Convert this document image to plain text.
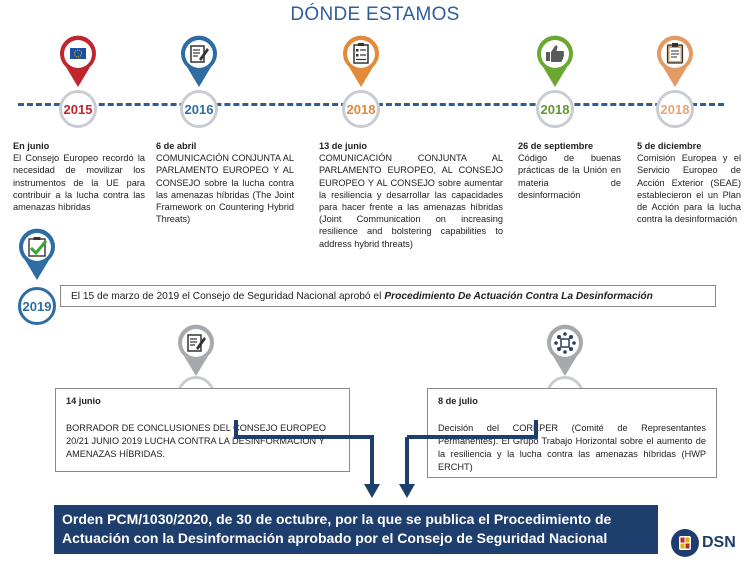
DÓNDE ESTAMOS
2015	2016	2018	2018	2018
En junio
El Consejo Europeo recordó la necesidad de movilizar los instrumentos de la UE para contribuir a la lucha contra las amenazas híbridas
6 de abril
COMUNICACIÓN CONJUNTA AL PARLAMENTO EUROPEO Y AL CONSEJO sobre la lucha contra las amenazas híbridas (The Joint Framework on Countering Hybrid Threats)
13 de junio
COMUNICACIÓN CONJUNTA AL PARLAMENTO EUROPEO, AL CONSEJO EUROPEO Y AL CONSEJO sobre aumentar la resiliencia y desarrollar las capacidades para hacer frente a las amenazas híbridas (Joint Communication on increasing resilience and bolstering capabilities to address hybrid threats)
26 de septiembre
Código de buenas prácticas de la Unión en materia de desinformación
5 de diciembre
Comisión Europea y el Servicio Europeo de Acción Exterior (SEAE) establecieron el un Plan de Acción para la lucha contra la desinformación
2019
El 15 de marzo de 2019 el Consejo de Seguridad Nacional aprobó el Procedimiento De Actuación Contra La Desinformación
14 junio
BORRADOR DE CONCLUSIONES DEL CONSEJO EUROPEO 20/21 JUNIO 2019 LUCHA CONTRA LA DESINFORMACIÓN Y AMENAZAS HÍBRIDAS.
8 de julio
Decisión del COREPER (Comité de Representantes Permanentes). El Grupo Trabajo Horizontal sobre el aumento de la resiliencia y la lucha contra las amenazas híbridas (HWP ERCHT)
Orden PCM/1030/2020, de 30 de octubre, por la que se publica el Procedimiento de
Actuación con la Desinformación aprobado por el Consejo de Seguridad Nacional	DSN
